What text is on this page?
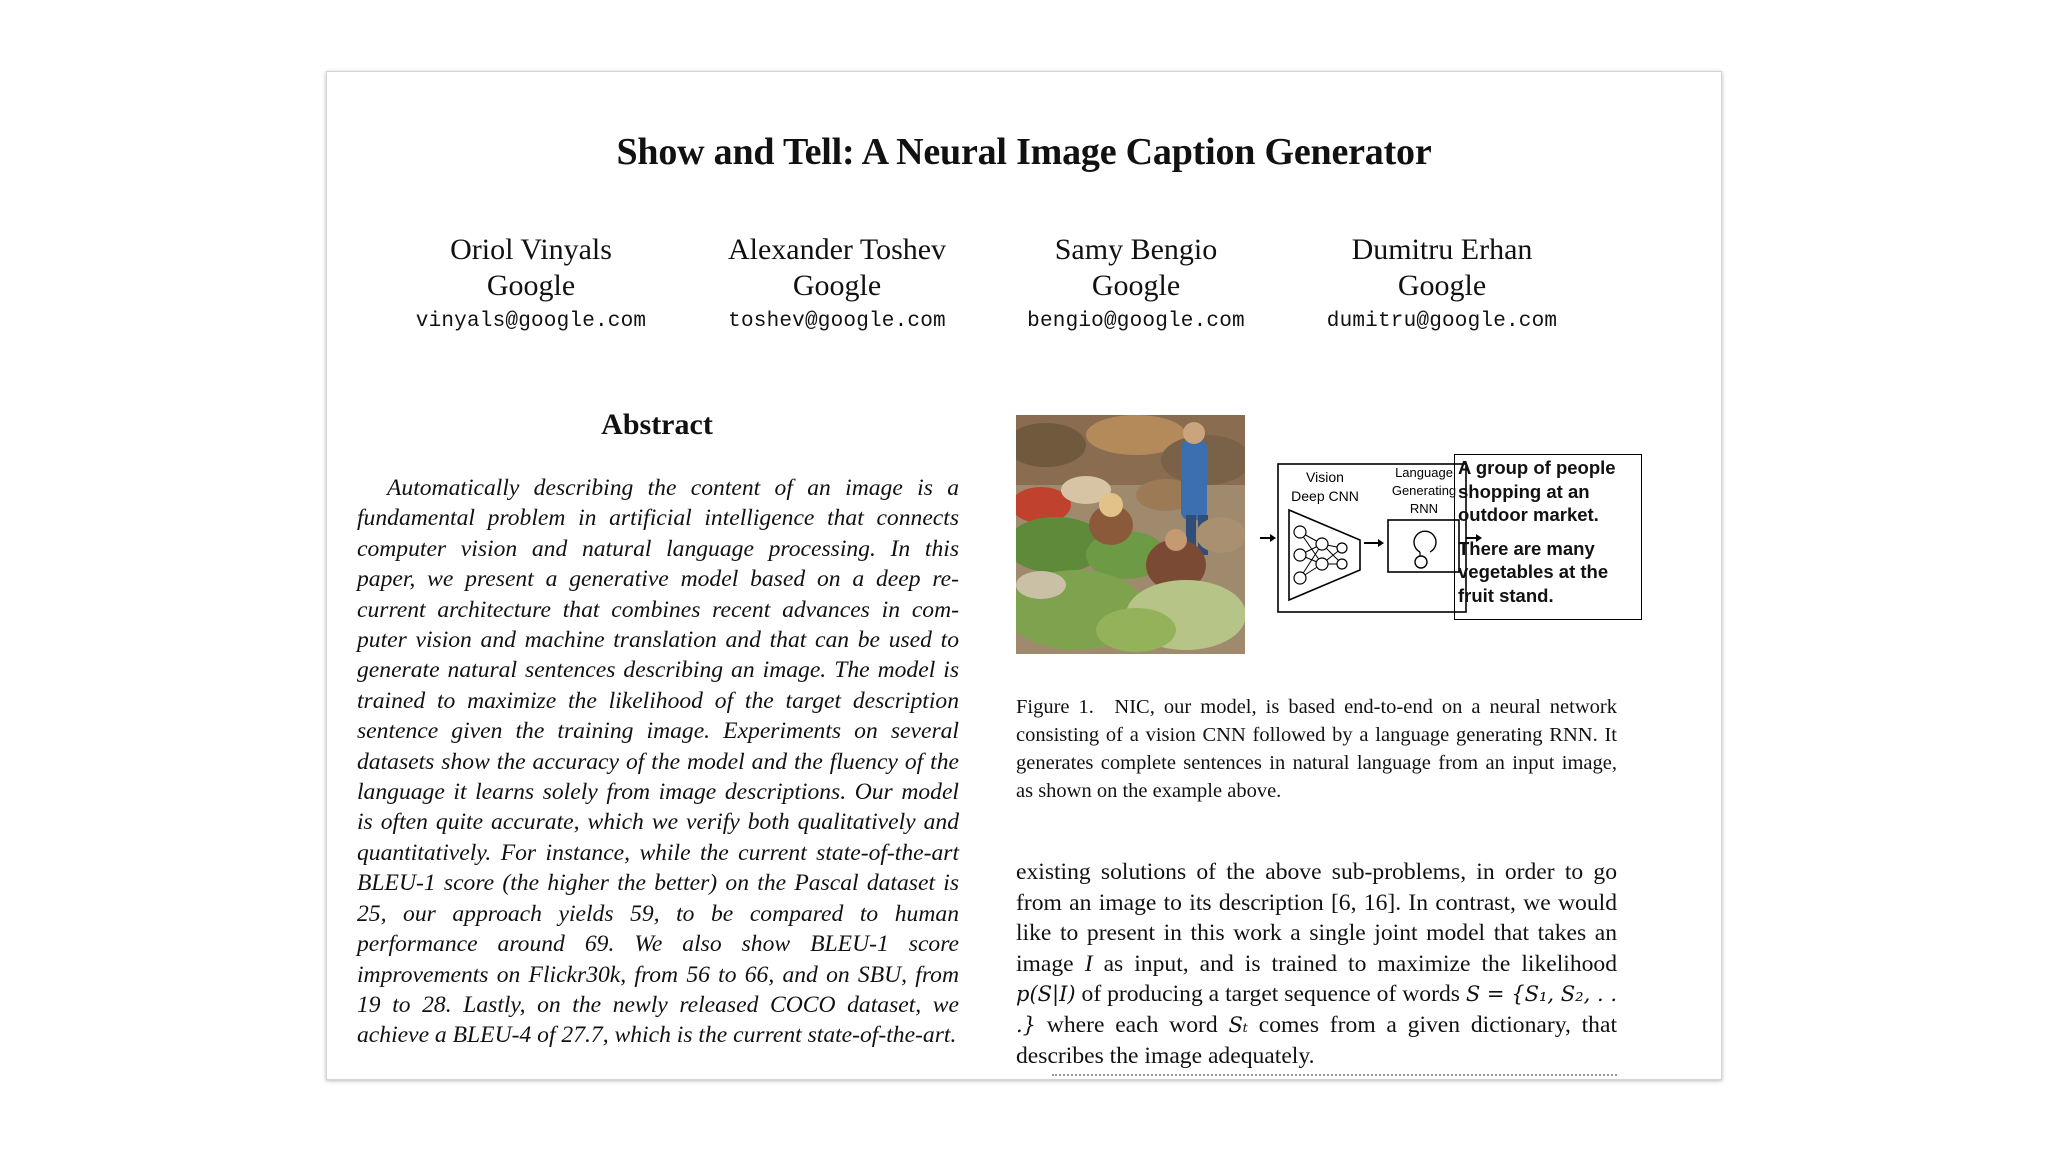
Show and Tell: A Neural Image Caption Generator
Oriol Vinyals
Google
vinyals@google.com
Alexander Toshev
Google
toshev@google.com
Samy Bengio
Google
bengio@google.com
Dumitru Erhan
Google
dumitru@google.com
Abstract

Automatically describing the content of an image is a fundamental problem in artificial intelligence that connects computer vision and natural language processing. In this paper, we present a generative model based on a deep recurrent architecture that combines recent advances in computer vision and machine translation and that can be used to generate natural sentences describing an image. The model is trained to maximize the likelihood of the target description sentence given the training image. Experiments on several datasets show the accuracy of the model and the fluency of the language it learns solely from image descriptions. Our model is often quite accurate, which we verify both qualitatively and quantitatively. For instance, while the current state-of-the-art BLEU-1 score (the higher the better) on the Pascal dataset is 25, our approach yields 59, to be compared to human performance around 69. We also show BLEU-1 score improvements on Flickr30k, from 56 to 66, and on SBU, from 19 to 28. Lastly, on the newly released COCO dataset, we achieve a BLEU-4 of 27.7, which is the current state-of-the-art.

Vision
Deep CNN
Language
Generating
RNN
A group of people
shopping at an
outdoor market.
There are many
vegetables at the
fruit stand.
Figure 1. NIC, our model, is based end-to-end on a neural network consisting of a vision CNN followed by a language generating RNN. It generates complete sentences in natural language from an input image, as shown on the example above.

existing solutions of the above sub-problems, in order to go from an image to its description [6, 16]. In contrast, we would like to present in this work a single joint model that takes an image I as input, and is trained to maximize the likelihood p(S|I) of producing a target sequence of words S = {S₁, S₂, . . .} where each word Sₜ comes from a given dictionary, that describes the image adequately.
